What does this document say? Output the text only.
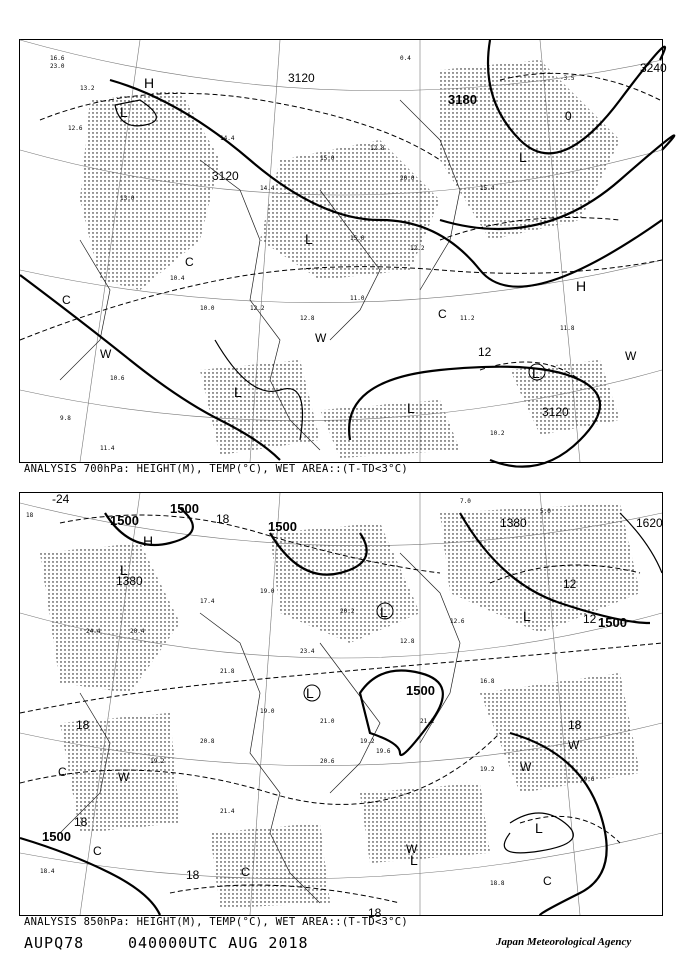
H
L
L
L
L
L
H
C
C
C
W
W
W
L
3120
3180
3240
3120
3120
12
0
16.6
23.0
13.2
12.6
13.0
14.4
14.4
15.0
12.8
20.0
15.0
12.2
10.4
10.0	12.2
12.8
11.0
11.2
11.8
10.6
9.8
10.2
11.4
0.4
-3.5
15.4
ANALYSIS 700hPa: HEIGHT(M), TEMP(°C), WET AREA::(T-TD<3°C)
H
L
L
L	L
L
L
C
C
C
C
W
W
W
W
1500
1500
1500
1380
1380
1500
1500
1620
1500
-24
18
18
18
18
18
12
12
18
18
24.4	20.4
17.4
19.0
20.2
12.8
12.6
16.8
23.4
21.8
19.0
21.0
19.2
20.8
21.4
19.2
19.2
19.6
18.8
18.4
20.6
21.2
19.6
7.0
5.0
ANALYSIS 850hPa: HEIGHT(M), TEMP(°C), WET AREA::(T-TD<3°C)
AUPQ78	040000UTC AUG 2018	Japan Meteorological Agency
